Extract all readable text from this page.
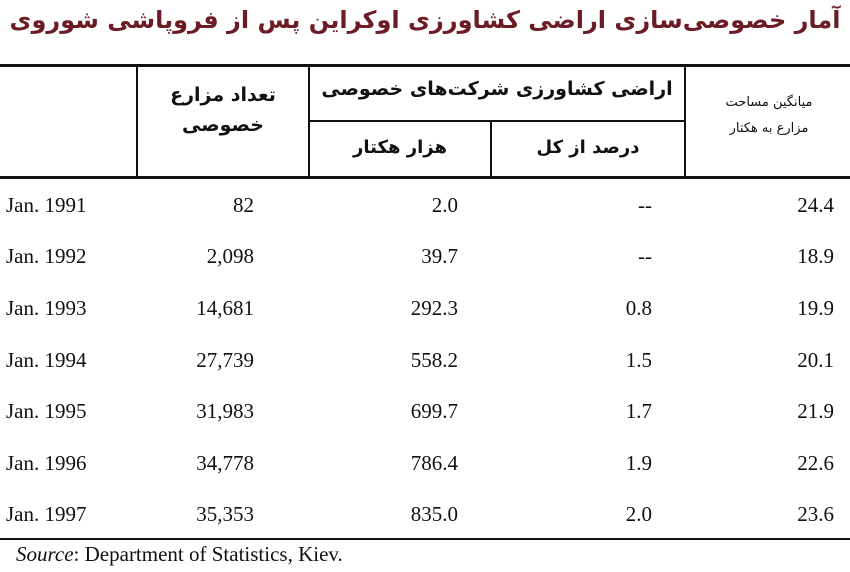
آمار خصوصی‌سازی اراضی کشاورزی اوکراین پس از فروپاشی شوروی
تعداد مزارع
خصوصی
اراضی کشاورزی شرکت‌های خصوصی
هزار هکتار	درصد از کل
میانگین مساحت
مزارع به هکتار
Jan. 1991	82	2.0	--	24.4
Jan. 1992	2,098	39.7	--	18.9
Jan. 1993	14,681	292.3	0.8	19.9
Jan. 1994	27,739	558.2	1.5	20.1
Jan. 1995	31,983	699.7	1.7	21.9
Jan. 1996	34,778	786.4	1.9	22.6
Jan. 1997	35,353	835.0	2.0	23.6
Source: Department of Statistics, Kiev.
